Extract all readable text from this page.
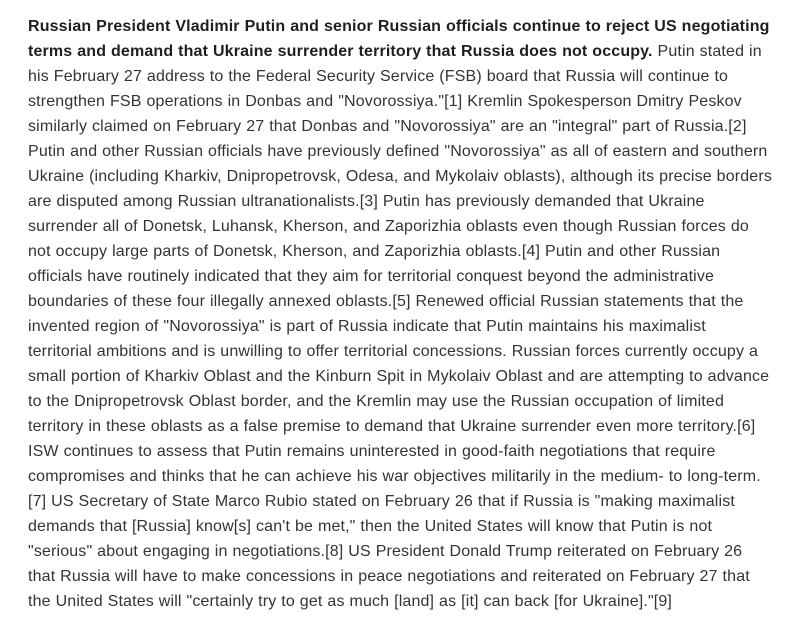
Russian President Vladimir Putin and senior Russian officials continue to reject US negotiating terms and demand that Ukraine surrender territory that Russia does not occupy. Putin stated in his February 27 address to the Federal Security Service (FSB) board that Russia will continue to strengthen FSB operations in Donbas and "Novorossiya."[1] Kremlin Spokesperson Dmitry Peskov similarly claimed on February 27 that Donbas and "Novorossiya" are an "integral" part of Russia.[2] Putin and other Russian officials have previously defined "Novorossiya" as all of eastern and southern Ukraine (including Kharkiv, Dnipropetrovsk, Odesa, and Mykolaiv oblasts), although its precise borders are disputed among Russian ultranationalists.[3] Putin has previously demanded that Ukraine surrender all of Donetsk, Luhansk, Kherson, and Zaporizhia oblasts even though Russian forces do not occupy large parts of Donetsk, Kherson, and Zaporizhia oblasts.[4] Putin and other Russian officials have routinely indicated that they aim for territorial conquest beyond the administrative boundaries of these four illegally annexed oblasts.[5] Renewed official Russian statements that the invented region of "Novorossiya" is part of Russia indicate that Putin maintains his maximalist territorial ambitions and is unwilling to offer territorial concessions. Russian forces currently occupy a small portion of Kharkiv Oblast and the Kinburn Spit in Mykolaiv Oblast and are attempting to advance to the Dnipropetrovsk Oblast border, and the Kremlin may use the Russian occupation of limited territory in these oblasts as a false premise to demand that Ukraine surrender even more territory.[6] ISW continues to assess that Putin remains uninterested in good-faith negotiations that require compromises and thinks that he can achieve his war objectives militarily in the medium- to long-term.[7] US Secretary of State Marco Rubio stated on February 26 that if Russia is "making maximalist demands that [Russia] know[s] can't be met," then the United States will know that Putin is not "serious" about engaging in negotiations.[8] US President Donald Trump reiterated on February 26 that Russia will have to make concessions in peace negotiations and reiterated on February 27 that the United States will "certainly try to get as much [land] as [it] can back [for Ukraine]."[9]
